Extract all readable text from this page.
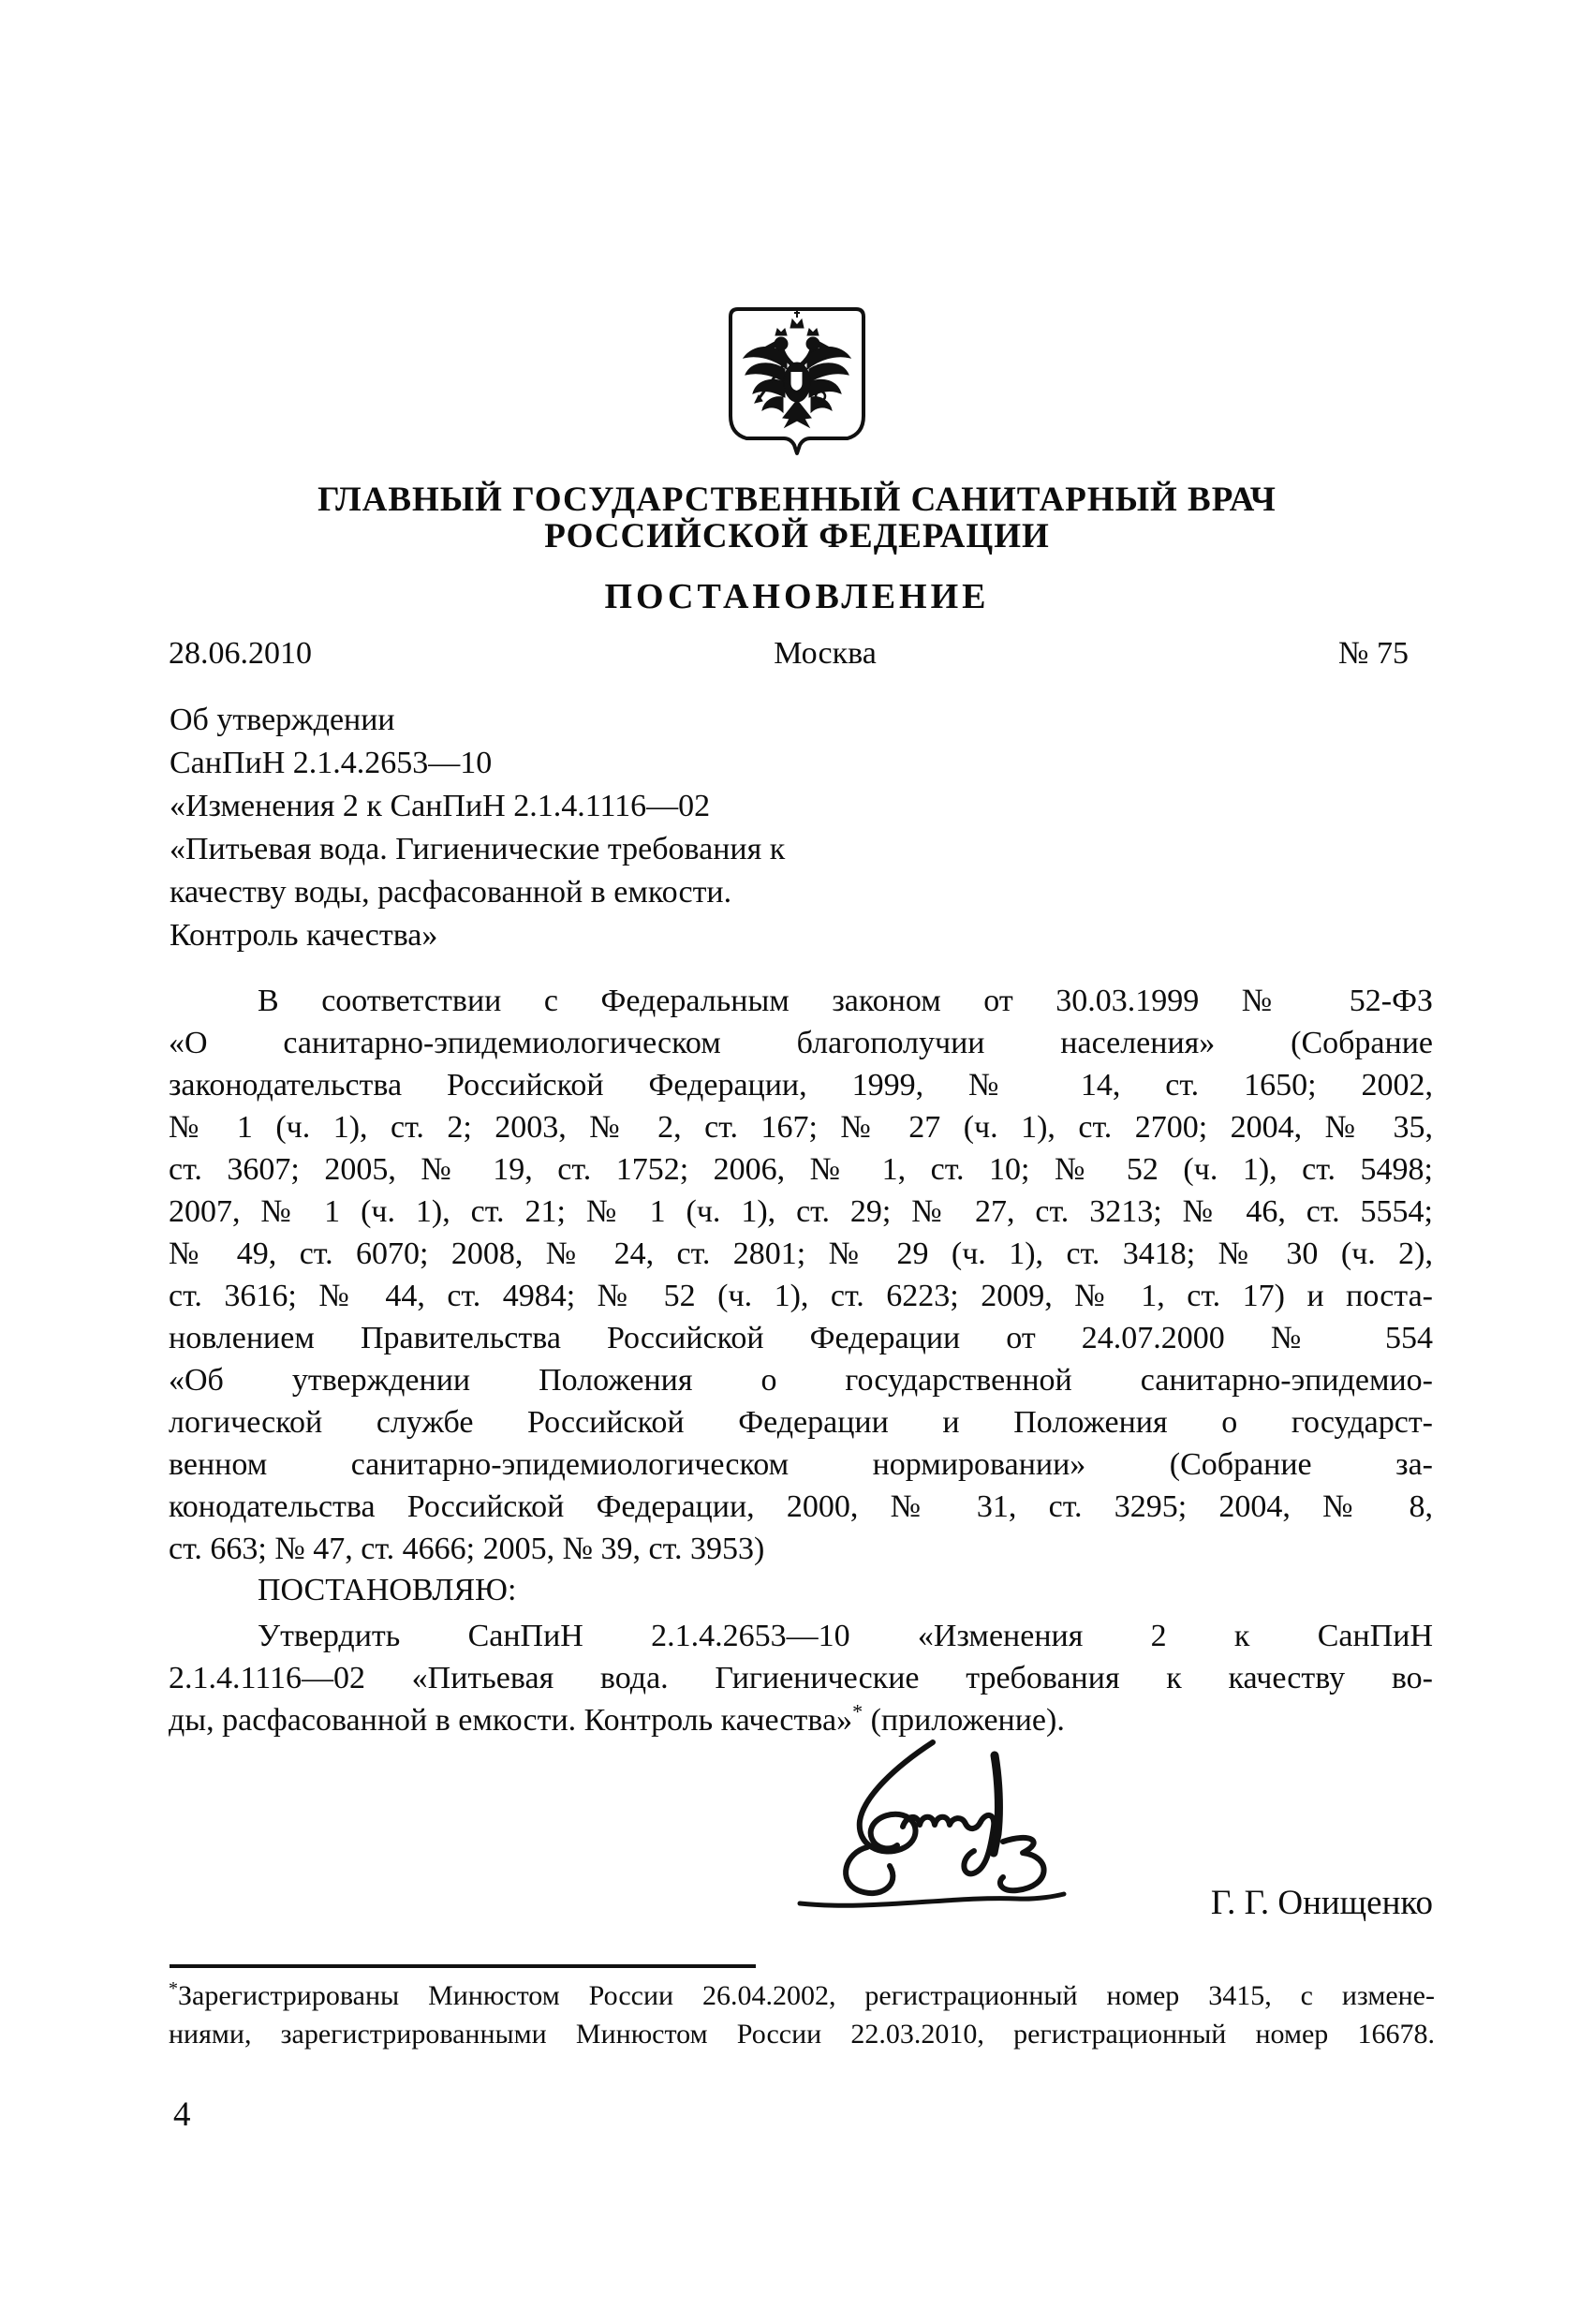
ГЛАВНЫЙ ГОСУДАРСТВЕННЫЙ САНИТАРНЫЙ ВРАЧ
РОССИЙСКОЙ ФЕДЕРАЦИИ
ПОСТАНОВЛЕНИЕ
28.06.2010	Москва	№ 75
Об утверждении
СанПиН 2.1.4.2653—10
«Изменения 2 к СанПиН 2.1.4.1116—02
«Питьевая вода. Гигиенические требования к
качеству воды, расфасованной в емкости.
Контроль качества»
В соответствии с Федеральным законом от 30.03.1999 № 52-ФЗ
«О санитарно-эпидемиологическом благополучии населения» (Собрание
законодательства Российской Федерации, 1999, № 14, ст. 1650; 2002,
№ 1 (ч. 1), ст. 2; 2003, № 2, ст. 167; № 27 (ч. 1), ст. 2700; 2004, № 35,
ст. 3607; 2005, № 19, ст. 1752; 2006, № 1, ст. 10; № 52 (ч. 1), ст. 5498;
2007, № 1 (ч. 1), ст. 21; № 1 (ч. 1), ст. 29; № 27, ст. 3213; № 46, ст. 5554;
№ 49, ст. 6070; 2008, № 24, ст. 2801; № 29 (ч. 1), ст. 3418; № 30 (ч. 2),
ст. 3616; № 44, ст. 4984; № 52 (ч. 1), ст. 6223; 2009, № 1, ст. 17) и поста-
новлением Правительства Российской Федерации от 24.07.2000 № 554
«Об утверждении Положения о государственной санитарно-эпидемио-
логической службе Российской Федерации и Положения о государст-
венном санитарно-эпидемиологическом нормировании» (Собрание за-
конодательства Российской Федерации, 2000, № 31, ст. 3295; 2004, № 8,
ст. 663; № 47, ст. 4666; 2005, № 39, ст. 3953)
ПОСТАНОВЛЯЮ:
Утвердить СанПиН 2.1.4.2653—10 «Изменения 2 к СанПиН
2.1.4.1116—02 «Питьевая вода. Гигиенические требования к качеству во-
ды, расфасованной в емкости. Контроль качества»* (приложение).
Г. Г. Онищенко
*Зарегистрированы Минюстом России 26.04.2002, регистрационный номер 3415, с измене-
ниями, зарегистрированными Минюстом России 22.03.2010, регистрационный номер 16678.
4
